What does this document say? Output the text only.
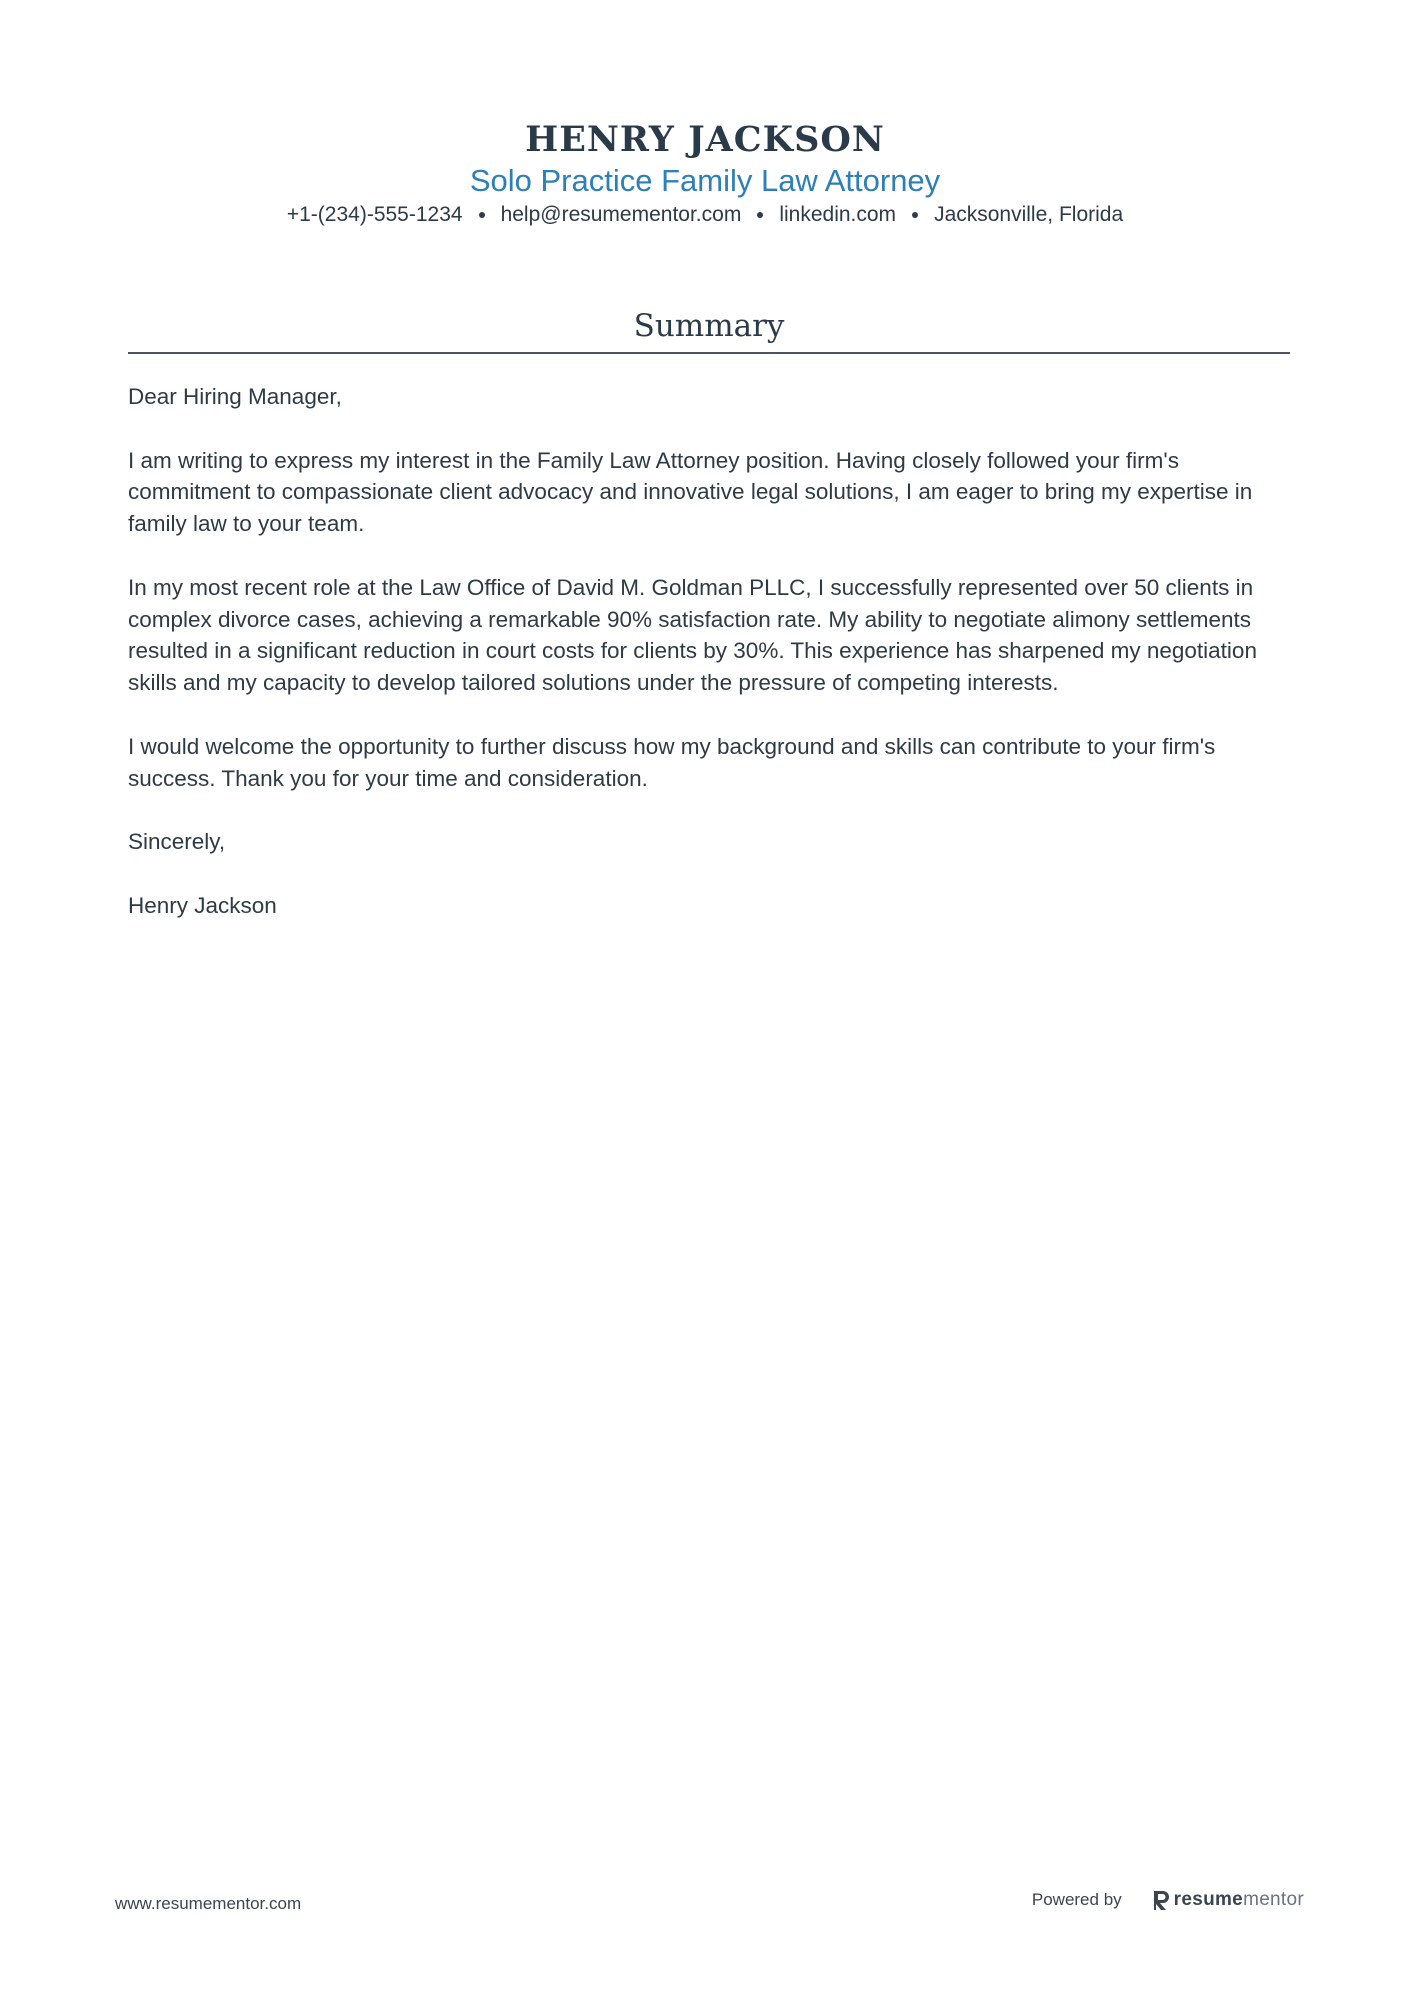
HENRY JACKSON
Solo Practice Family Law Attorney
+1-(234)-555-1234 help@resumementor.com linkedin.com Jacksonville, Florida
Summary

Dear Hiring Manager,

I am writing to express my interest in the Family Law Attorney position. Having closely followed your firm's commitment to compassionate client advocacy and innovative legal solutions, I am eager to bring my expertise in family law to your team.

In my most recent role at the Law Office of David M. Goldman PLLC, I successfully represented over 50 clients in complex divorce cases, achieving a remarkable 90% satisfaction rate. My ability to negotiate alimony settlements resulted in a significant reduction in court costs for clients by 30%. This experience has sharpened my negotiation skills and my capacity to develop tailored solutions under the pressure of competing interests.

I would welcome the opportunity to further discuss how my background and skills can contribute to your firm's success. Thank you for your time and consideration.

Sincerely,

Henry Jackson

www.resumementor.com	Powered by	resumementor
